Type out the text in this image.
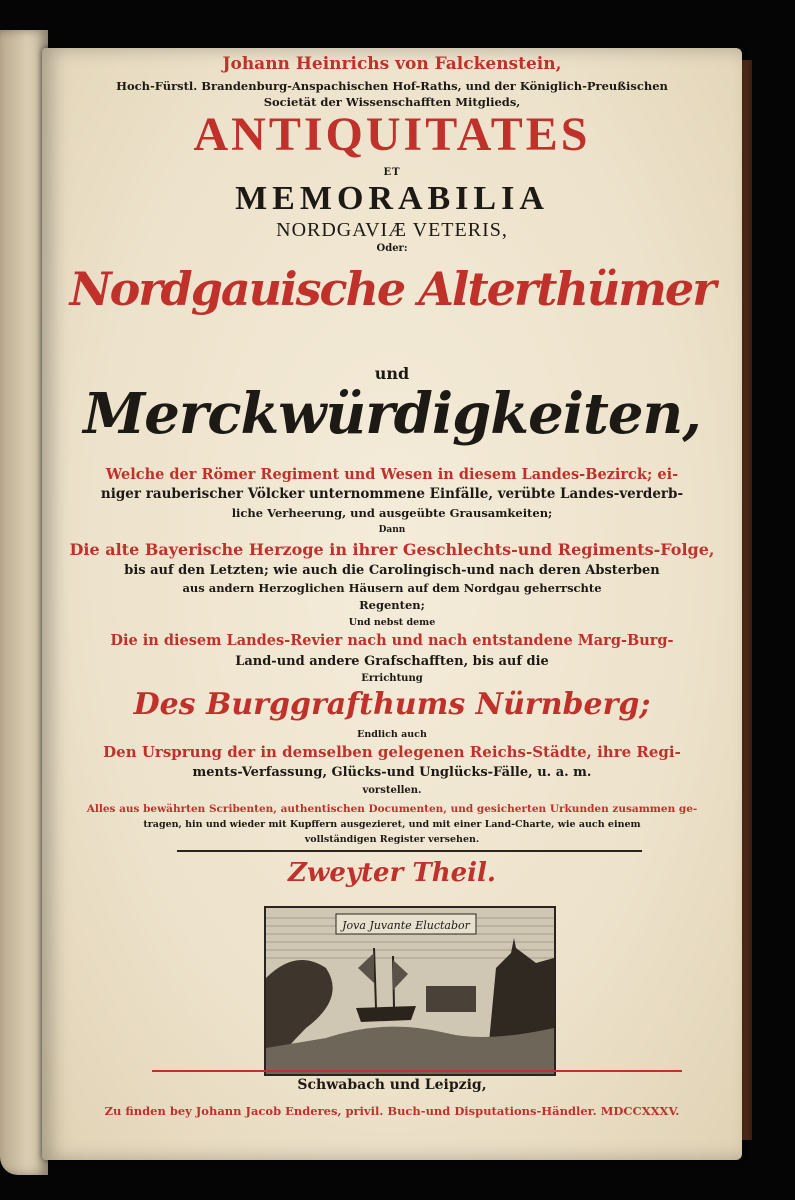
Johann Heinrichs von Falckenstein,
Hoch-Fürstl. Brandenburg-Anspachischen Hof-Raths, und der Königlich-Preußischen
Societät der Wissenschafften Mitglieds,
ANTIQUITATES
ET
MEMORABILIA
NORDGAVIÆ VETERIS,
Oder:
Nordgauische Alterthümer
und
Merckwürdigkeiten,
Welche der Römer Regiment und Wesen in diesem Landes-Bezirck; ei-
niger rauberischer Völcker unternommene Einfälle, verübte Landes-verderb-
liche Verheerung, und ausgeübte Grausamkeiten;
Dann
Die alte Bayerische Herzoge in ihrer Geschlechts-und Regiments-Folge,
bis auf den Letzten; wie auch die Carolingisch-und nach deren Absterben
aus andern Herzoglichen Häusern auf dem Nordgau geherrschte
Regenten;
Und nebst deme
Die in diesem Landes-Revier nach und nach entstandene Marg-Burg-
Land-und andere Grafschafften, bis auf die
Errichtung
Des Burggrafthums Nürnberg;
Endlich auch
Den Ursprung der in demselben gelegenen Reichs-Städte, ihre Regi-
ments-Verfassung, Glücks-und Unglücks-Fälle, u. a. m.
vorstellen.
Alles aus bewährten Scribenten, authentischen Documenten, und gesicherten Urkunden zusammen ge-
tragen, hin und wieder mit Kupffern ausgezieret, und mit einer Land-Charte, wie auch einem
vollständigen Register versehen.
Zweyter Theil.
Jova Juvante Eluctabor
Schwabach und Leipzig,
Zu finden bey Johann Jacob Enderes, privil. Buch-und Disputations-Händler. MDCCXXXV.
